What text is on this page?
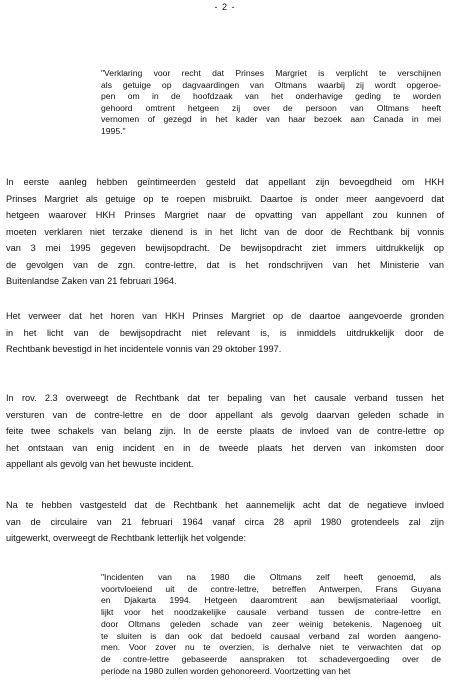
- 2 -
"Verklaring voor recht dat Prinses Margriet is verplicht te verschijnen
als getuige op dagvaardingen van Oltmans waarbij zij wordt opgeroe-
pen om in de hoofdzaak van het onderhavige geding te worden
gehoord omtrent hetgeen zij over de persoon van Oltmans heeft
vernomen of gezegd in het kader van haar bezoek aan Canada in mei
1995."
In eerste aanleg hebben geïntimeerden gesteld dat appellant zijn bevoegdheid om HKH
Prinses Margriet als getuige op te roepen misbruikt. Daartoe is onder meer aangevoerd dat
hetgeen waarover HKH Prinses Margriet naar de opvatting van appellant zou kunnen of
moeten verklaren niet terzake dienend is in het licht van de door de Rechtbank bij vonnis
van 3 mei 1995 gegeven bewijsopdracht. De bewijsopdracht ziet immers uitdrukkelijk op
de gevolgen van de zgn. contre-lettre, dat is het rondschrijven van het Ministerie van
Buitenlandse Zaken van 21 februari 1964.
Het verweer dat het horen van HKH Prinses Margriet op de daartoe aangevoerde gronden
in het licht van de bewijsopdracht niet relevant is, is inmiddels uitdrukkelijk door de
Rechtbank bevestigd in het incidentele vonnis van 29 oktober 1997.
In rov. 2.3 overweegt de Rechtbank dat ter bepaling van het causale verband tussen het
versturen van de contre-lettre en de door appellant als gevolg daarvan geleden schade in
feite twee schakels van belang zijn. In de eerste plaats de invloed van de contre-lettre op
het ontstaan van enig incident en in de tweede plaats het derven van inkomsten door
appellant als gevolg van het bewuste incident.
Na te hebben vastgesteld dat de Rechtbank het aannemelijk acht dat de negatieve invloed
van de circulaire van 21 februari 1964 vanaf circa 28 april 1980 grotendeels zal zijn
uitgewerkt, overweegt de Rechtbank letterlijk het volgende:
"Incidenten van na 1980 die Oltmans zelf heeft genoemd, als
voortvloeiend uit de contre-lettre, betreffen Antwerpen, Frans Guyana
en Djakarta 1994. Hetgeen daaromtrent aan bewijsmateriaal voorligt,
lijkt voor het noodzakelijke causale verband tussen de contre-lettre en
door Oltmans geleden schade van zeer weinig betekenis. Nagenoeg uit
te sluiten is dan ook dat bedoeld causaal verband zal worden aangeno-
men. Voor zover nu te overzien, is derhalve niet te verwachten dat op
de contre-lettre gebaseerde aanspraken tot schadevergoeding over de
periode na 1980 zullen worden gehonoreerd. Voortzetting van het
